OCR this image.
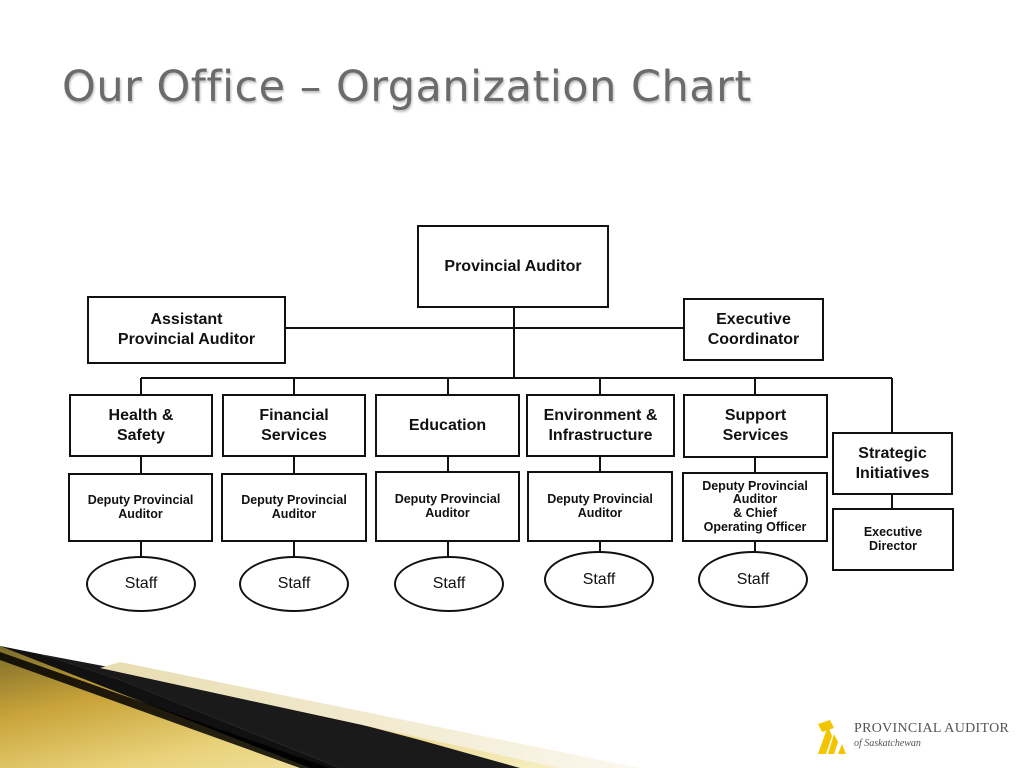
Our Office – Organization Chart
Provincial Auditor
Assistant
Provincial Auditor
Executive
Coordinator
Health &
Safety
Financial
Services
Education
Environment &
Infrastructure
Support
Services
Strategic
Initiatives
Deputy Provincial
Auditor
Deputy Provincial
Auditor
Deputy Provincial
Auditor
Deputy Provincial
Auditor
Deputy Provincial
Auditor
& Chief
Operating Officer	Executive
Director
Staff	Staff	Staff	Staff	Staff
PROVINCIAL AUDITOR
of Saskatchewan
